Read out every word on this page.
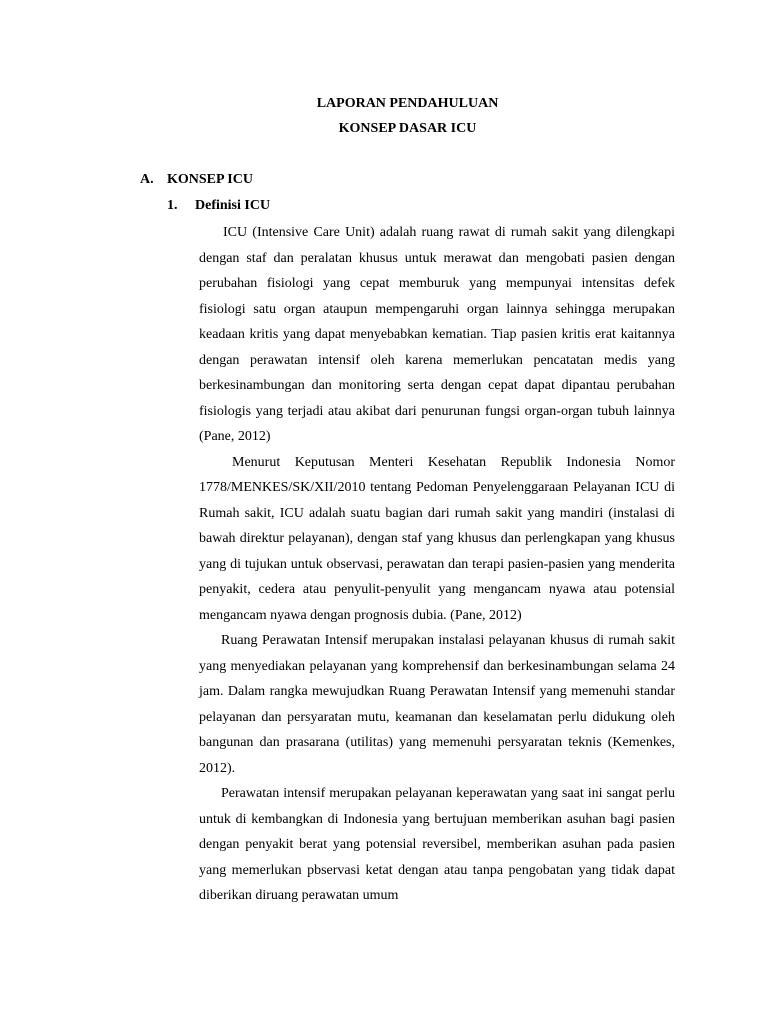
LAPORAN PENDAHULUAN
KONSEP DASAR ICU
A. KONSEP ICU
1. Definisi ICU

ICU (Intensive Care Unit) adalah ruang rawat di rumah sakit yang dilengkapi dengan staf dan peralatan khusus untuk merawat dan mengobati pasien dengan perubahan fisiologi yang cepat memburuk yang mempunyai intensitas defek fisiologi satu organ ataupun mempengaruhi organ lainnya sehingga merupakan keadaan kritis yang dapat menyebabkan kematian. Tiap pasien kritis erat kaitannya dengan perawatan intensif oleh karena memerlukan pencatatan medis yang berkesinambungan dan monitoring serta dengan cepat dapat dipantau perubahan fisiologis yang terjadi atau akibat dari penurunan fungsi organ-organ tubuh lainnya (Pane, 2012)

Menurut Keputusan Menteri Kesehatan Republik Indonesia Nomor 1778/MENKES/SK/XII/2010 tentang Pedoman Penyelenggaraan Pelayanan ICU di Rumah sakit, ICU adalah suatu bagian dari rumah sakit yang mandiri (instalasi di bawah direktur pelayanan), dengan staf yang khusus dan perlengkapan yang khusus yang di tujukan untuk observasi, perawatan dan terapi pasien-pasien yang menderita penyakit, cedera atau penyulit-penyulit yang mengancam nyawa atau potensial mengancam nyawa dengan prognosis dubia. (Pane, 2012)

Ruang Perawatan Intensif merupakan instalasi pelayanan khusus di rumah sakit yang menyediakan pelayanan yang komprehensif dan berkesinambungan selama 24 jam. Dalam rangka mewujudkan Ruang Perawatan Intensif yang memenuhi standar pelayanan dan persyaratan mutu, keamanan dan keselamatan perlu didukung oleh bangunan dan prasarana (utilitas) yang memenuhi persyaratan teknis (Kemenkes, 2012).

Perawatan intensif merupakan pelayanan keperawatan yang saat ini sangat perlu untuk di kembangkan di Indonesia yang bertujuan memberikan asuhan bagi pasien dengan penyakit berat yang potensial reversibel, memberikan asuhan pada pasien yang memerlukan pbservasi ketat dengan atau tanpa pengobatan yang tidak dapat diberikan diruang perawatan umum
